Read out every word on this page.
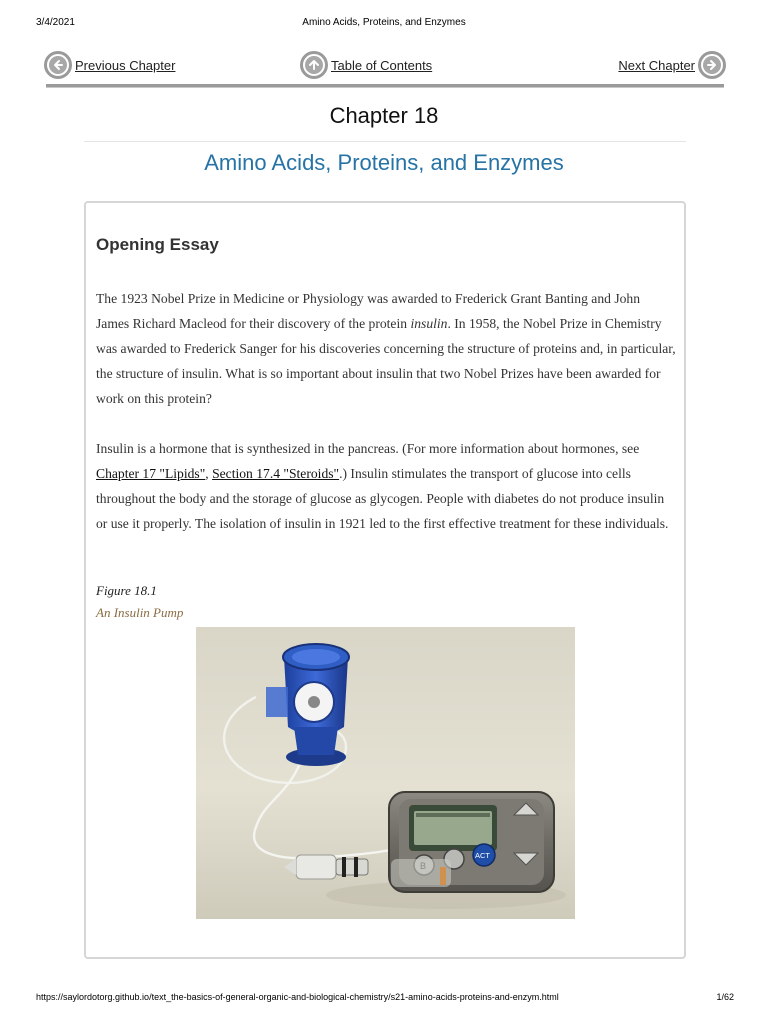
3/4/2021	Amino Acids, Proteins, and Enzymes
Previous Chapter	Table of Contents	Next Chapter
Chapter 18
Amino Acids, Proteins, and Enzymes
Opening Essay

The 1923 Nobel Prize in Medicine or Physiology was awarded to Frederick Grant Banting and John James Richard Macleod for their discovery of the protein insulin. In 1958, the Nobel Prize in Chemistry was awarded to Frederick Sanger for his discoveries concerning the structure of proteins and, in particular, the structure of insulin. What is so important about insulin that two Nobel Prizes have been awarded for work on this protein?

Insulin is a hormone that is synthesized in the pancreas. (For more information about hormones, see Chapter 17 "Lipids", Section 17.4 "Steroids".) Insulin stimulates the transport of glucose into cells throughout the body and the storage of glucose as glycogen. People with diabetes do not produce insulin or use it properly. The isolation of insulin in 1921 led to the first effective treatment for these individuals.

Figure 18.1
An Insulin Pump
ACT
https://saylordotorg.github.io/text_the-basics-of-general-organic-and-biological-chemistry/s21-amino-acids-proteins-and-enzym.html	1/62
